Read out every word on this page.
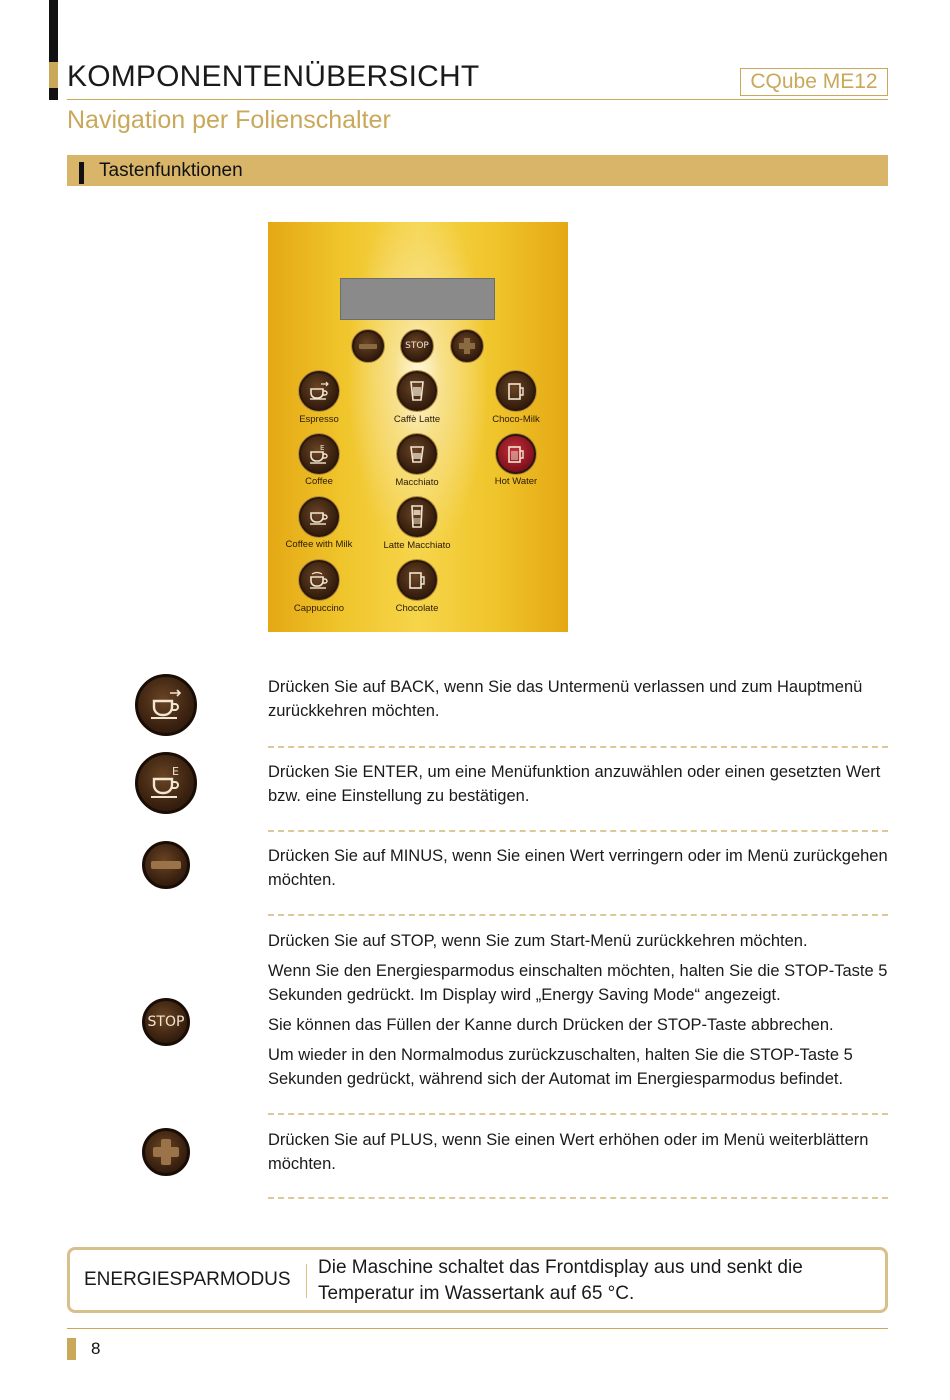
KOMPONENTENÜBERSICHT	CQube ME12
Navigation per Folienschalter
Tastenfunktionen
STOP
Espresso	Caffè Latte	Choco-Milk
E
Coffee	Macchiato	Hot Water
Coffee with Milk	Latte Macchiato
Cappuccino	Chocolate
Drücken Sie auf BACK, wenn Sie das Untermenü verlassen und zum Hauptmenü zurückkehren möchten.
E	Drücken Sie ENTER, um eine Menüfunktion anzuwählen oder einen gesetzten Wert bzw. eine Einstellung zu bestätigen.
Drücken Sie auf MINUS, wenn Sie einen Wert verringern oder im Menü zurückgehen möchten.
STOP
Drücken Sie auf STOP, wenn Sie zum Start-Menü zurückkehren möchten.
Wenn Sie den Energiesparmodus einschalten möchten, halten Sie die STOP-Taste 5 Sekunden gedrückt. Im Display wird „Energy Saving Mode“ angezeigt.
Sie können das Füllen der Kanne durch Drücken der STOP-Taste abbrechen.
Um wieder in den Normalmodus zurückzuschalten, halten Sie die STOP-Taste 5 Sekunden gedrückt, während sich der Automat im Energiesparmodus befindet.
Drücken Sie auf PLUS, wenn Sie einen Wert erhöhen oder im Menü weiterblättern möchten.
ENERGIESPARMODUS
Die Maschine schaltet das Frontdisplay aus und senkt die Temperatur im Wassertank auf 65 °C.
8
